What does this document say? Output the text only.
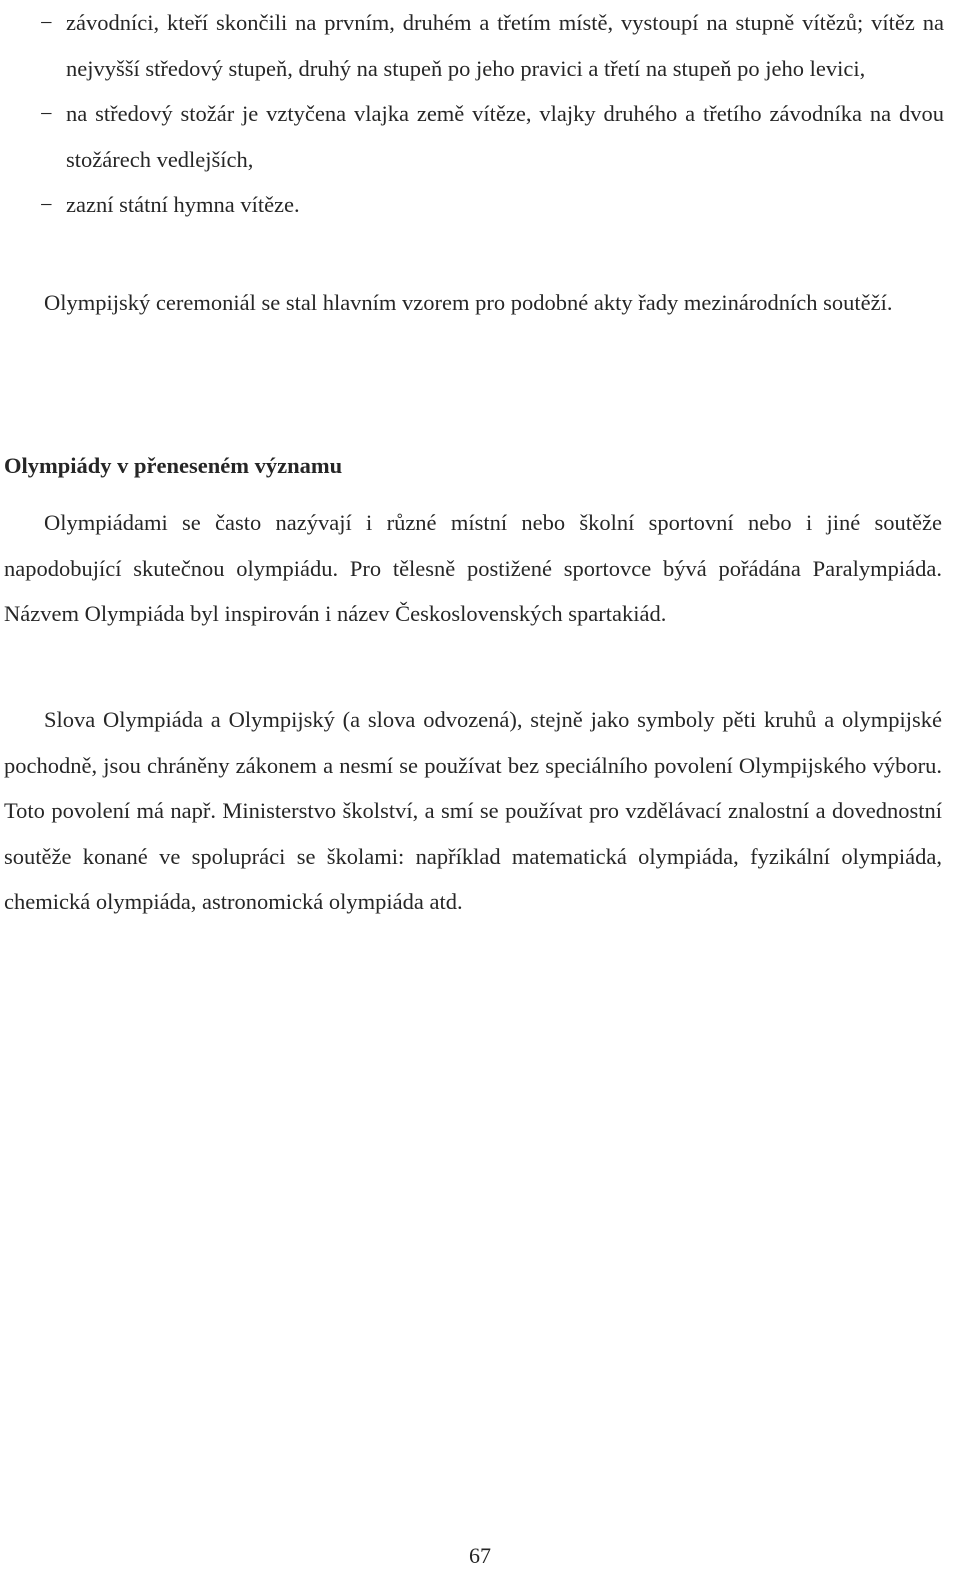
− závodníci, kteří skončili na prvním, druhém a třetím místě, vystoupí na stupně vítězů; vítěz na nejvyšší středový stupeň, druhý na stupeň po jeho pravici a třetí na stupeň po jeho levici,
− na středový stožár je vztyčena vlajka země vítěze, vlajky druhého a třetího závodníka na dvou stožárech vedlejších,
− zazní státní hymna vítěze.

Olympijský ceremoniál se stal hlavním vzorem pro podobné akty řady mezinárodních soutěží.

Olympiády v přeneseném významu

Olympiádami se často nazývají i různé místní nebo školní sportovní nebo i jiné soutěže napodobující skutečnou olympiádu. Pro tělesně postižené sportovce bývá pořádána Paralympiáda. Názvem Olympiáda byl inspirován i název Československých spartakiád.

Slova Olympiáda a Olympijský (a slova odvozená), stejně jako symboly pěti kruhů a olympijské pochodně, jsou chráněny zákonem a nesmí se používat bez speciálního povolení Olympijského výboru. Toto povolení má např. Ministerstvo školství, a smí se používat pro vzdělávací znalostní a dovednostní soutěže konané ve spolupráci se školami: například matematická olympiáda, fyzikální olympiáda, chemická olympiáda, astronomická olympiáda atd.

67
